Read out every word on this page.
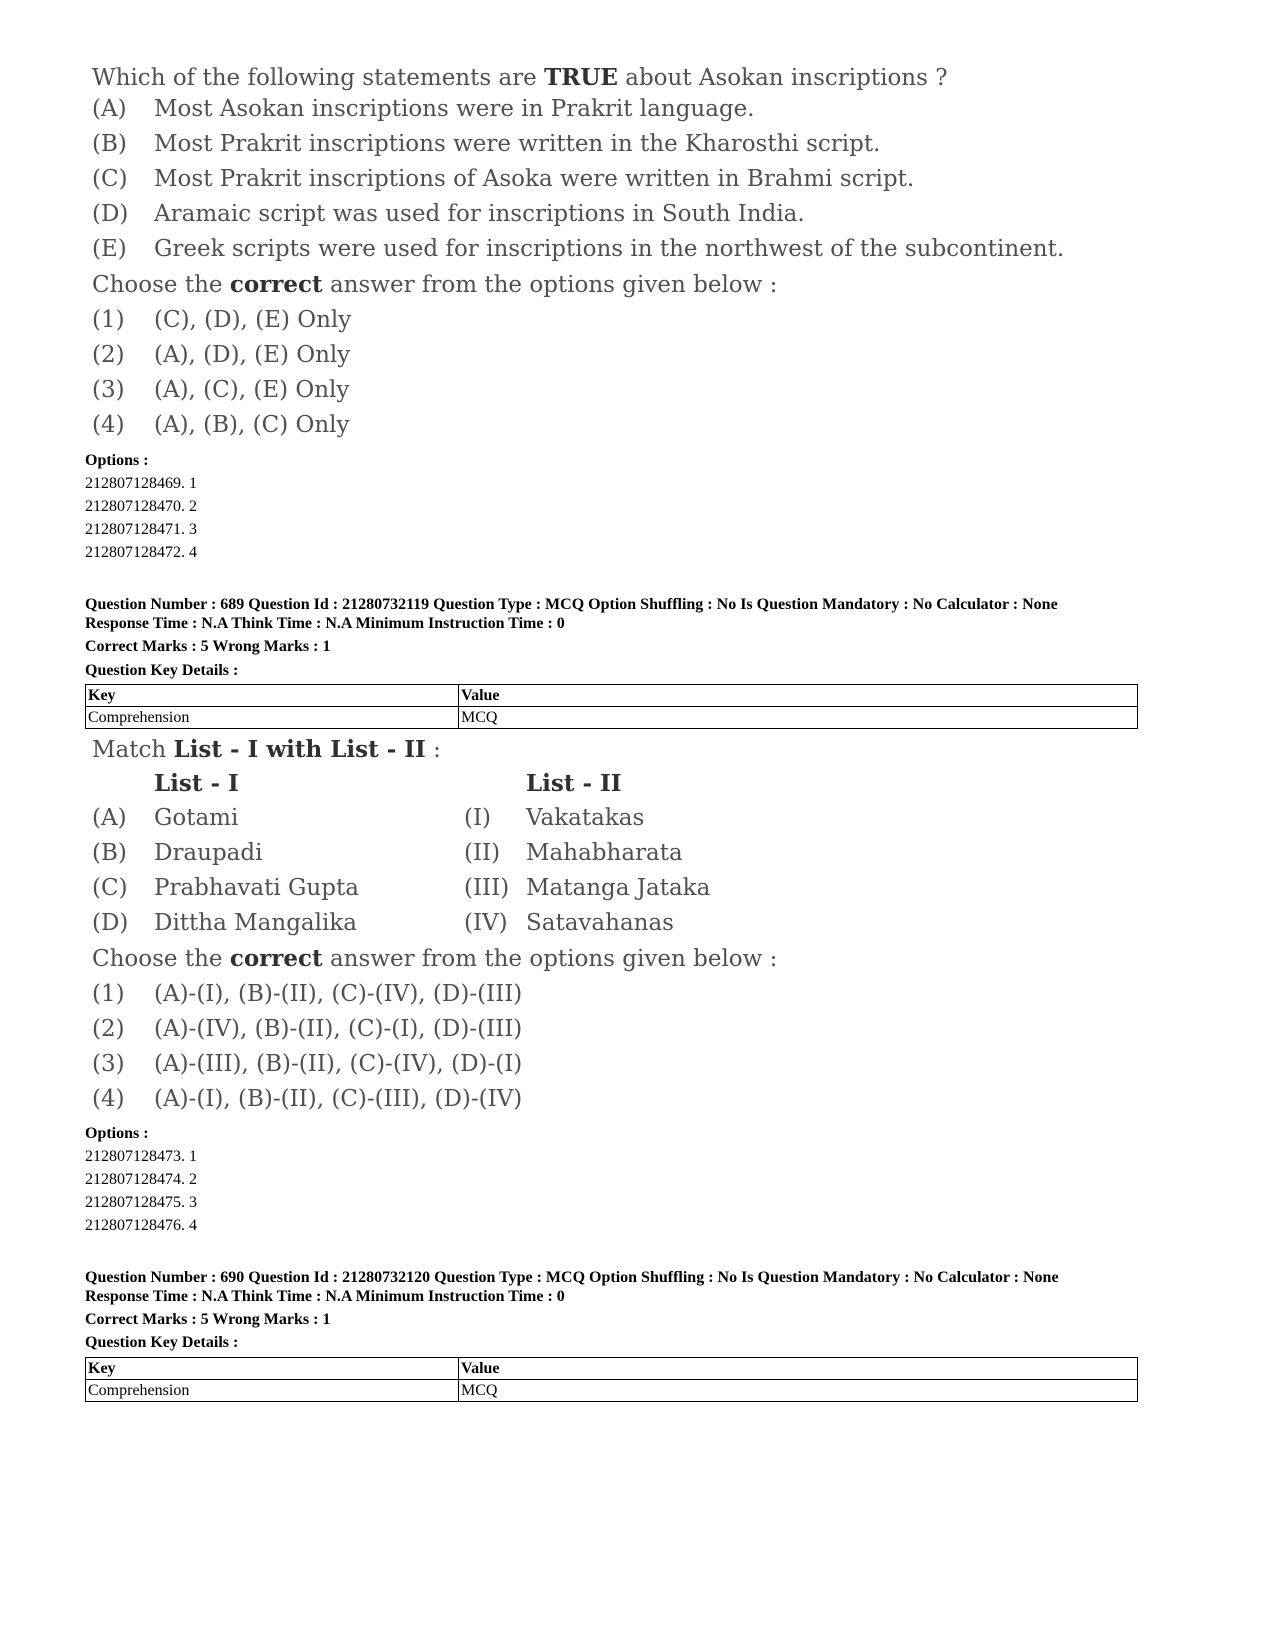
Which of the following statements are TRUE about Asokan inscriptions ?
(A) Most Asokan inscriptions were in Prakrit language.
(B) Most Prakrit inscriptions were written in the Kharosthi script.
(C) Most Prakrit inscriptions of Asoka were written in Brahmi script.
(D) Aramaic script was used for inscriptions in South India.
(E) Greek scripts were used for inscriptions in the northwest of the subcontinent.
Choose the correct answer from the options given below :
(1) (C), (D), (E) Only
(2) (A), (D), (E) Only
(3) (A), (C), (E) Only
(4) (A), (B), (C) Only
Options :
212807128469. 1
212807128470. 2
212807128471. 3
212807128472. 4
Question Number : 689 Question Id : 21280732119 Question Type : MCQ Option Shuffling : No Is Question Mandatory : No Calculator : None
Response Time : N.A Think Time : N.A Minimum Instruction Time : 0
Correct Marks : 5 Wrong Marks : 1
Question Key Details :
Key	Value
Comprehension	MCQ
Match List - I with List - II :
List - I	List - II
(A) Gotami	(I) Vakatakas
(B) Draupadi	(II) Mahabharata
(C) Prabhavati Gupta	(III) Matanga Jataka
(D) Dittha Mangalika	(IV) Satavahanas
Choose the correct answer from the options given below :
(1) (A)-(I), (B)-(II), (C)-(IV), (D)-(III)
(2) (A)-(IV), (B)-(II), (C)-(I), (D)-(III)
(3) (A)-(III), (B)-(II), (C)-(IV), (D)-(I)
(4) (A)-(I), (B)-(II), (C)-(III), (D)-(IV)
Options :
212807128473. 1
212807128474. 2
212807128475. 3
212807128476. 4
Question Number : 690 Question Id : 21280732120 Question Type : MCQ Option Shuffling : No Is Question Mandatory : No Calculator : None
Response Time : N.A Think Time : N.A Minimum Instruction Time : 0
Correct Marks : 5 Wrong Marks : 1
Question Key Details :
Key	Value
Comprehension	MCQ
